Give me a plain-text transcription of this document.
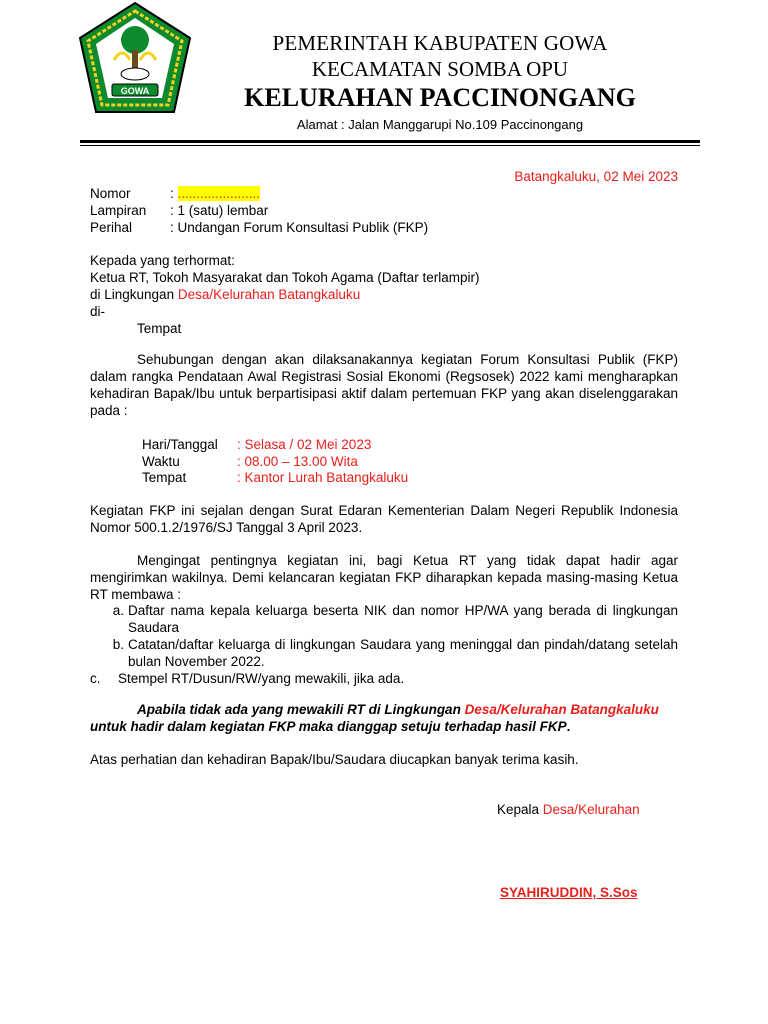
GOWA
PEMERINTAH KABUPATEN GOWA
KECAMATAN SOMBA OPU
KELURAHAN PACCINONGANG
Alamat : Jalan Manggarupi No.109 Paccinongang
Batangkaluku, 02 Mei 2023
Nomor	: ......................
Lampiran	: 1 (satu) lembar
Perihal	: Undangan Forum Konsultasi Publik (FKP)
Kepada yang terhormat:
Ketua RT, Tokoh Masyarakat dan Tokoh Agama (Daftar terlampir)
di Lingkungan Desa/Kelurahan Batangkaluku
di-
Tempat
Sehubungan dengan akan dilaksanakannya kegiatan Forum Konsultasi Publik (FKP) dalam rangka Pendataan Awal Registrasi Sosial Ekonomi (Regsosek) 2022 kami mengharapkan kehadiran Bapak/Ibu untuk berpartisipasi aktif dalam pertemuan FKP yang akan diselenggarakan pada :
Hari/Tanggal	: Selasa / 02 Mei 2023
Waktu	: 08.00 – 13.00 Wita
Tempat	: Kantor Lurah Batangkaluku
Kegiatan FKP ini sejalan dengan Surat Edaran Kementerian Dalam Negeri Republik Indonesia Nomor 500.1.2/1976/SJ Tanggal 3 April 2023.
Mengingat pentingnya kegiatan ini, bagi Ketua RT yang tidak dapat hadir agar mengirimkan wakilnya. Demi kelancaran kegiatan FKP diharapkan kepada masing-masing Ketua RT membawa :
a. Daftar nama kepala keluarga beserta NIK dan nomor HP/WA yang berada di lingkungan Saudara
b. Catatan/daftar keluarga di lingkungan Saudara yang meninggal dan pindah/datang setelah bulan November 2022.
c.	Stempel RT/Dusun/RW/yang mewakili, jika ada.
Apabila tidak ada yang mewakili RT di Lingkungan Desa/Kelurahan Batangkaluku
untuk hadir dalam kegiatan FKP maka dianggap setuju terhadap hasil FKP.
Atas perhatian dan kehadiran Bapak/Ibu/Saudara diucapkan banyak terima kasih.
Kepala Desa/Kelurahan
SYAHIRUDDIN, S.Sos
